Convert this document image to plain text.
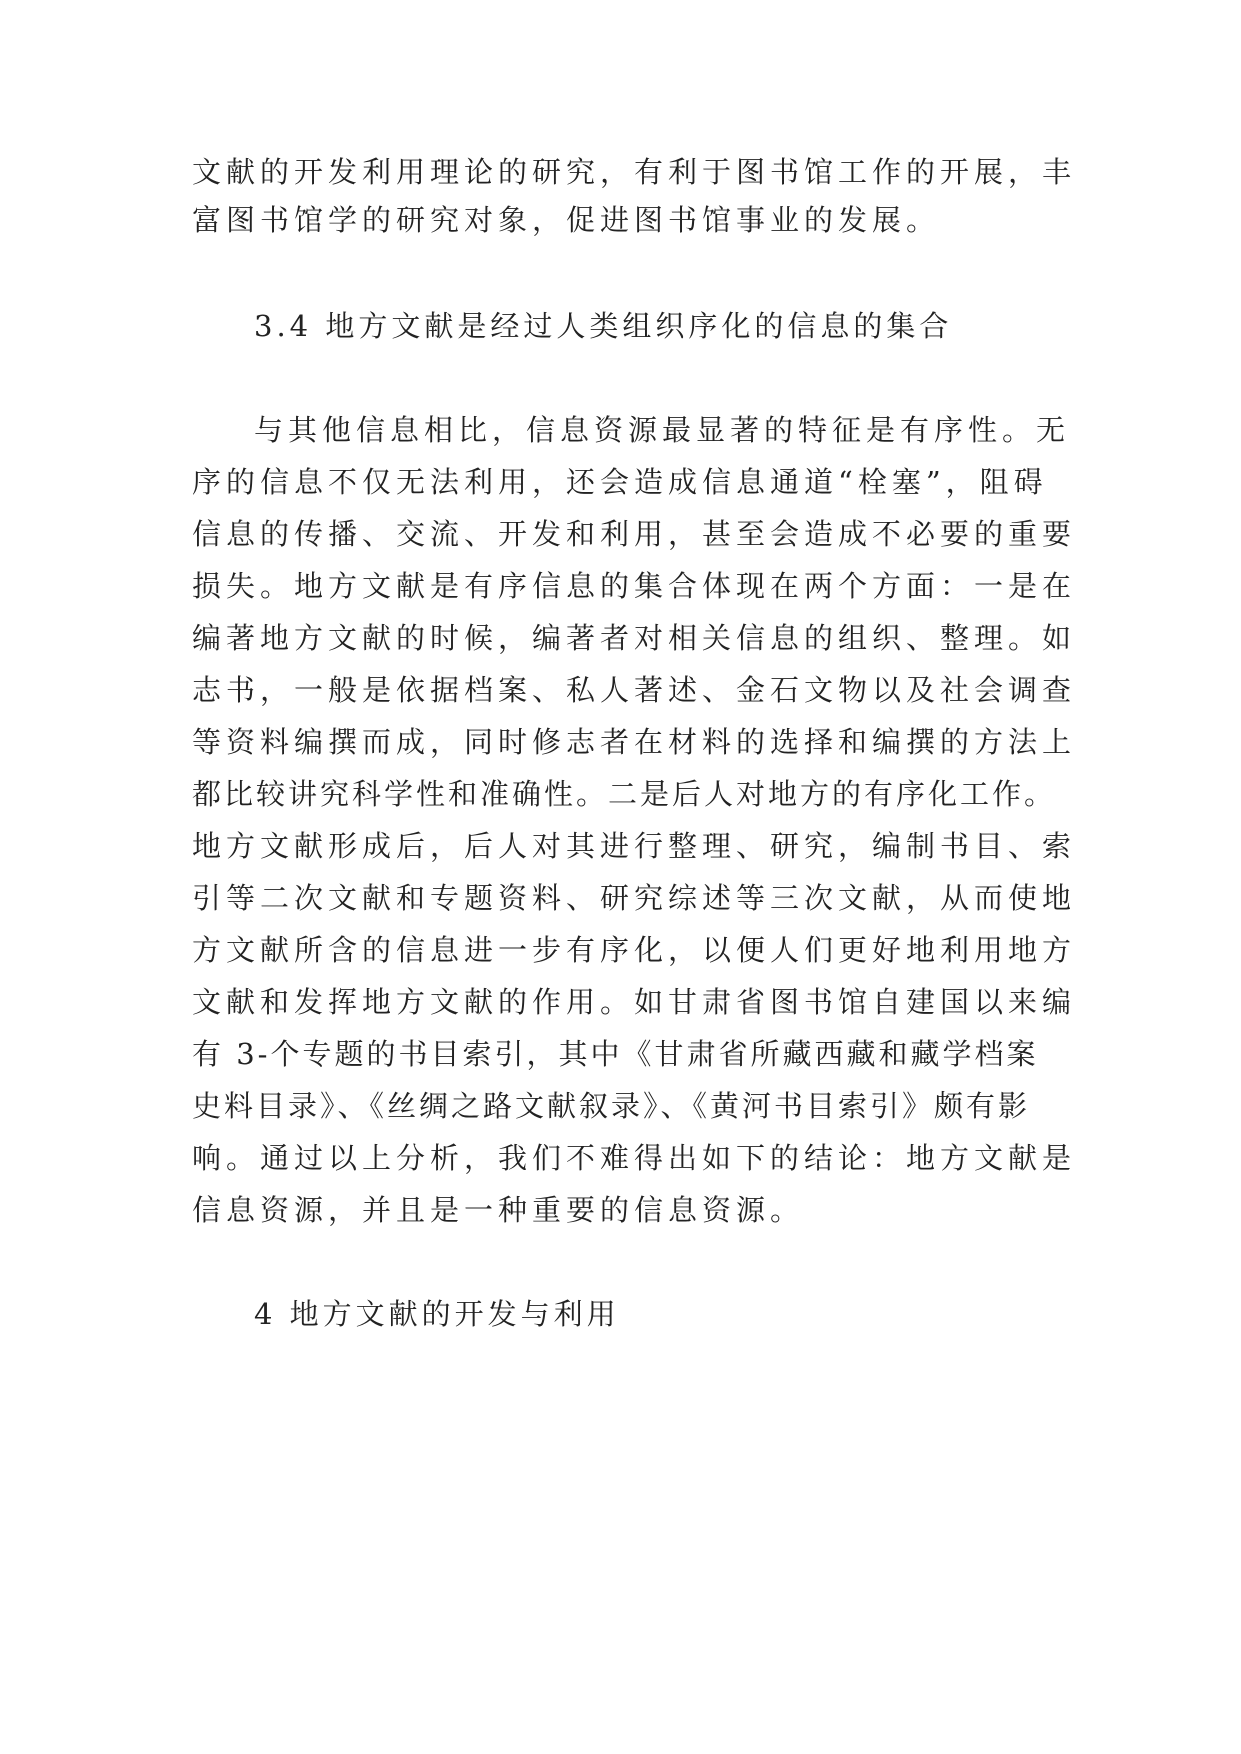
文献的开发利用理论的研究，有利于图书馆工作的开展，丰
富图书馆学的研究对象，促进图书馆事业的发展。
3.4 地方文献是经过人类组织序化的信息的集合
与其他信息相比，信息资源最显著的特征是有序性。无
序的信息不仅无法利用，还会造成信息通道“栓塞”，阻碍
信息的传播、交流、开发和利用，甚至会造成不必要的重要
损失。地方文献是有序信息的集合体现在两个方面：一是在
编著地方文献的时候，编著者对相关信息的组织、整理。如
志书，一般是依据档案、私人著述、金石文物以及社会调查
等资料编撰而成，同时修志者在材料的选择和编撰的方法上
都比较讲究科学性和准确性。二是后人对地方的有序化工作。
地方文献形成后，后人对其进行整理、研究，编制书目、索
引等二次文献和专题资料、研究综述等三次文献，从而使地
方文献所含的信息进一步有序化，以便人们更好地利用地方
文献和发挥地方文献的作用。如甘肃省图书馆自建国以来编
有 3-个专题的书目索引，其中《甘肃省所藏西藏和藏学档案
史料目录》、《丝绸之路文献叙录》、《黄河书目索引》颇有影
响。通过以上分析，我们不难得出如下的结论：地方文献是
信息资源，并且是一种重要的信息资源。
4 地方文献的开发与利用
